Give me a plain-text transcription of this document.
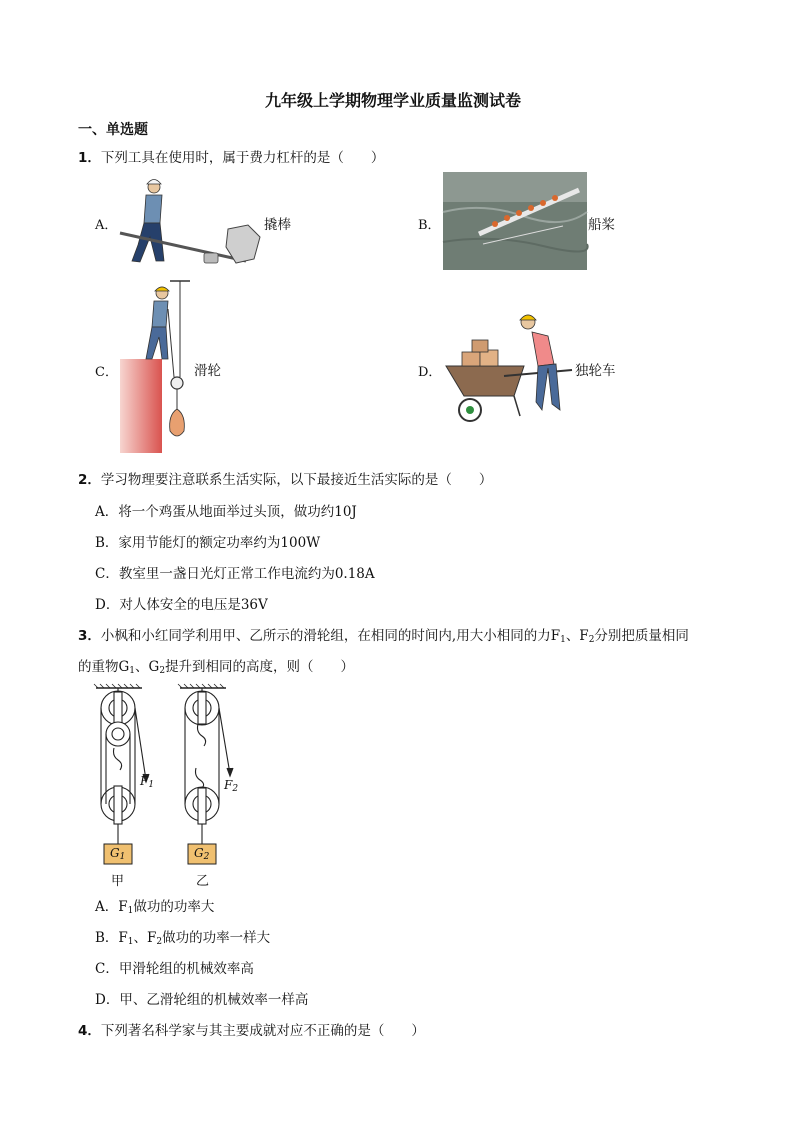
九年级上学期物理学业质量监测试卷
一、单选题
1．下列工具在使用时，属于费力杠杆的是（　　）
A．	撬棒	B．	船桨
C．	滑轮	D．	独轮车
2．学习物理要注意联系生活实际，以下最接近生活实际的是（　　）
A．将一个鸡蛋从地面举过头顶，做功约10J
B．家用节能灯的额定功率约为100W
C．教室里一盏日光灯正常工作电流约为0.18A
D．对人体安全的电压是36V
3．小枫和小红同学利用甲、乙所示的滑轮组，在相同的时间内,用大小相同的力$F_1$、$F_2$分别把质量相同
的重物$G_1$、$G_2$提升到相同的高度，则（　　）
$F_1$	$F_2$
$G_1$	$G_2$
甲	乙
A．$F_1$做功的功率大
B．$F_1$、$F_2$做功的功率一样大
C．甲滑轮组的机械效率高
D．甲、乙滑轮组的机械效率一样高
4．下列著名科学家与其主要成就对应不正确的是（　　）
